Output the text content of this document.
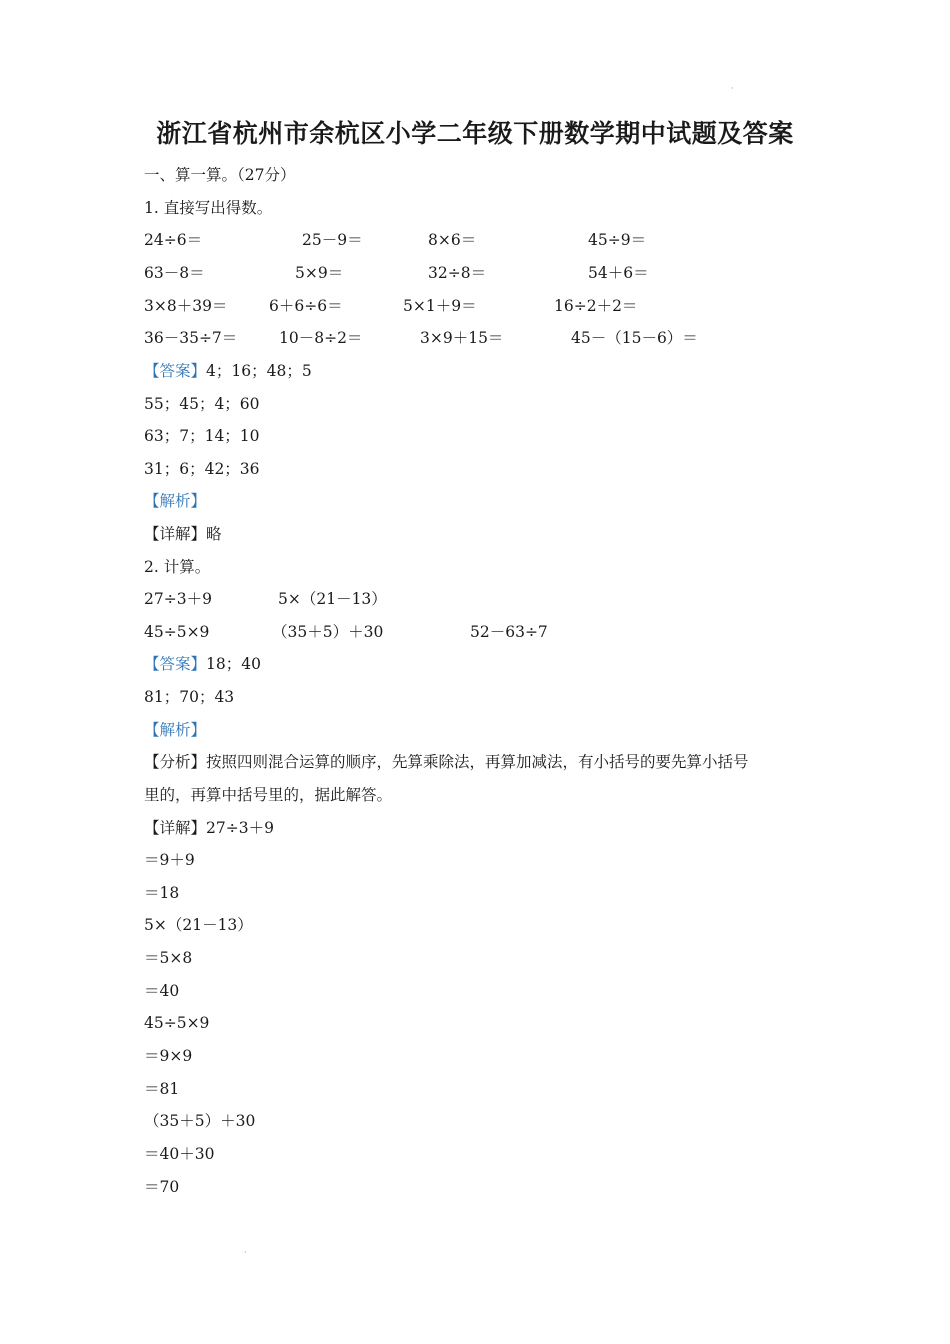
·
浙江省杭州市余杭区小学二年级下册数学期中试题及答案
一、算一算。（27分）
1. 直接写出得数。
24÷6＝	25－9＝	8×6＝	45÷9＝
63－8＝	5×9＝	32÷8＝	54＋6＝
3×8＋39＝	6＋6÷6＝	5×1＋9＝	16÷2＋2＝
36－35÷7＝	10－8÷2＝	3×9＋15＝	45－（15－6）＝
【答案】4；16；48；5
55；45；4；60
63；7；14；10
31；6；42；36
【解析】
【详解】略
2. 计算。
27÷3＋9	5×（21－13）
45÷5×9	（35＋5）＋30	52－63÷7
【答案】18；40
81；70；43
【解析】
【分析】按照四则混合运算的顺序，先算乘除法，再算加减法，有小括号的要先算小括号
里的，再算中括号里的，据此解答。
【详解】27÷3＋9
＝9＋9
＝18
5×（21－13）
＝5×8
＝40
45÷5×9
＝9×9
＝81
（35＋5）＋30
＝40＋30
＝70
·
